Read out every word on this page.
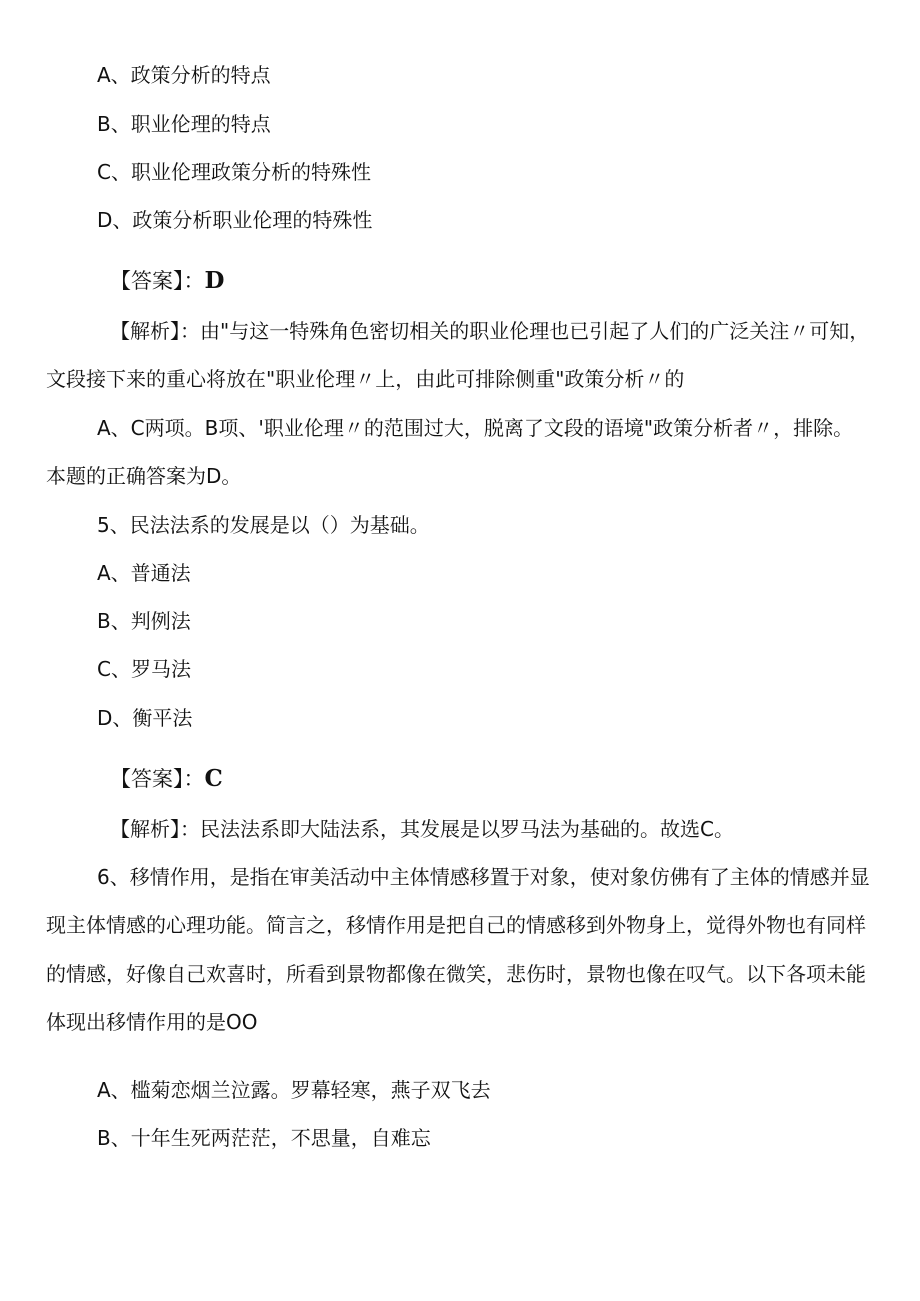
A、政策分析的特点
B、职业伦理的特点
C、职业伦理政策分析的特殊性
D、政策分析职业伦理的特殊性
【答案】：D
【解析】：由"与这一特殊角色密切相关的职业伦理也已引起了人们的广泛关注〃可知，
文段接下来的重心将放在"职业伦理〃上，由此可排除侧重"政策分析〃的
A、C两项。B项、'职业伦理〃的范围过大，脱离了文段的语境"政策分析者〃，排除。
本题的正确答案为D。
5、民法法系的发展是以（）为基础。
A、普通法
B、判例法
C、罗马法
D、衡平法
【答案】：C
【解析】：民法法系即大陆法系，其发展是以罗马法为基础的。故选C。
6、移情作用，是指在审美活动中主体情感移置于对象，使对象仿佛有了主体的情感并显
现主体情感的心理功能。简言之，移情作用是把自己的情感移到外物身上，觉得外物也有同样
的情感，好像自己欢喜时，所看到景物都像在微笑，悲伤时，景物也像在叹气。以下各项未能
体现出移情作用的是OO
A、槛菊恋烟兰泣露。罗幕轻寒，燕子双飞去
B、十年生死两茫茫，不思量，自难忘
